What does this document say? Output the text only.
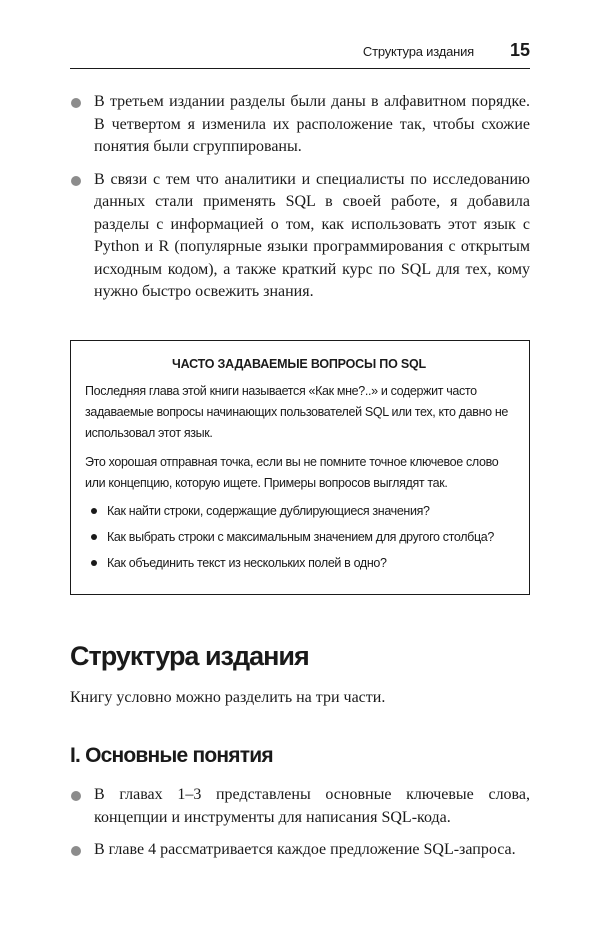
Структура издания 15
В третьем издании разделы были даны в алфавитном порядке. В четвертом я изменила их расположение так, чтобы схожие понятия были сгруппированы.
В связи с тем что аналитики и специалисты по исследованию данных стали применять SQL в своей работе, я добавила разделы с информацией о том, как использовать этот язык с Python и R (популярные языки программирования с открытым исходным кодом), а также краткий курс по SQL для тех, кому нужно быстро освежить знания.
ЧАСТО ЗАДАВАЕМЫЕ ВОПРОСЫ ПО SQL

Последняя глава этой книги называется «Как мне?..» и содержит часто задаваемые вопросы начинающих пользователей SQL или тех, кто давно не использовал этот язык.

Это хорошая отправная точка, если вы не помните точное ключевое слово или концепцию, которую ищете. Примеры вопросов выглядят так.

Как найти строки, содержащие дублирующиеся значения?
Как выбрать строки с максимальным значением для другого столбца?
Как объединить текст из нескольких полей в одно?
Структура издания

Книгу условно можно разделить на три части.

I. Основные понятия
В главах 1–3 представлены основные ключевые слова, концепции и инструменты для написания SQL-кода.
В главе 4 рассматривается каждое предложение SQL-запроса.
